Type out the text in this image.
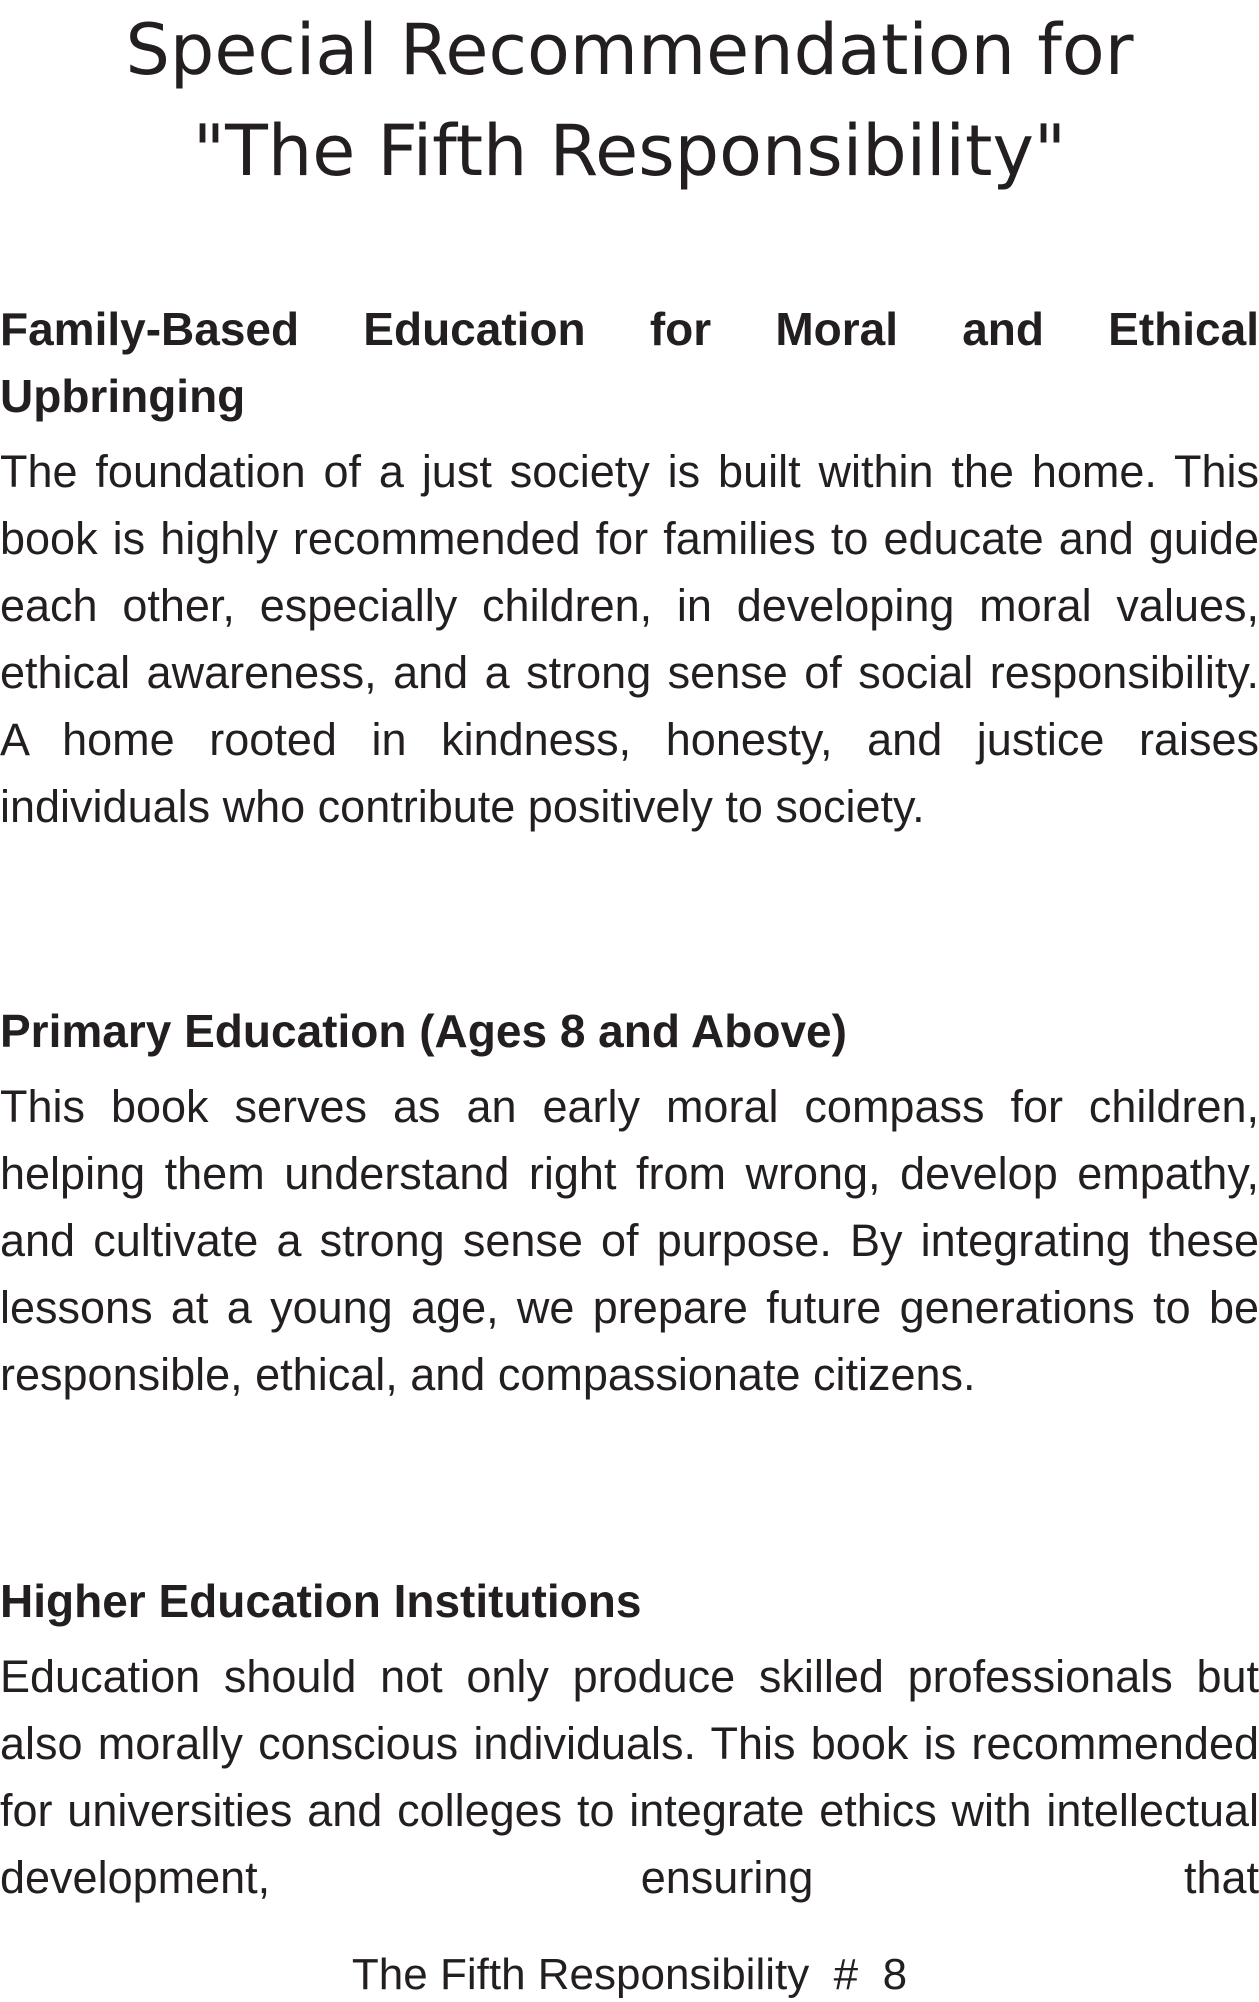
Special Recommendation for
"The Fifth Responsibility"

Family-Based Education for Moral and Ethical Upbringing

The foundation of a just society is built within the home. This book is highly recommended for families to educate and guide each other, especially children, in developing moral values, ethical awareness, and a strong sense of social responsibility. A home rooted in kindness, honesty, and justice raises individuals who contribute positively to society.

Primary Education (Ages 8 and Above)

This book serves as an early moral compass for children, helping them understand right from wrong, develop empathy, and cultivate a strong sense of purpose. By integrating these lessons at a young age, we prepare future generations to be responsible, ethical, and compassionate citizens.

Higher Education Institutions

Education should not only produce skilled professionals but also morally conscious individuals. This book is recommended for universities and colleges to integrate ethics with intellectual development, ensuring that

The Fifth Responsibility  #  8
